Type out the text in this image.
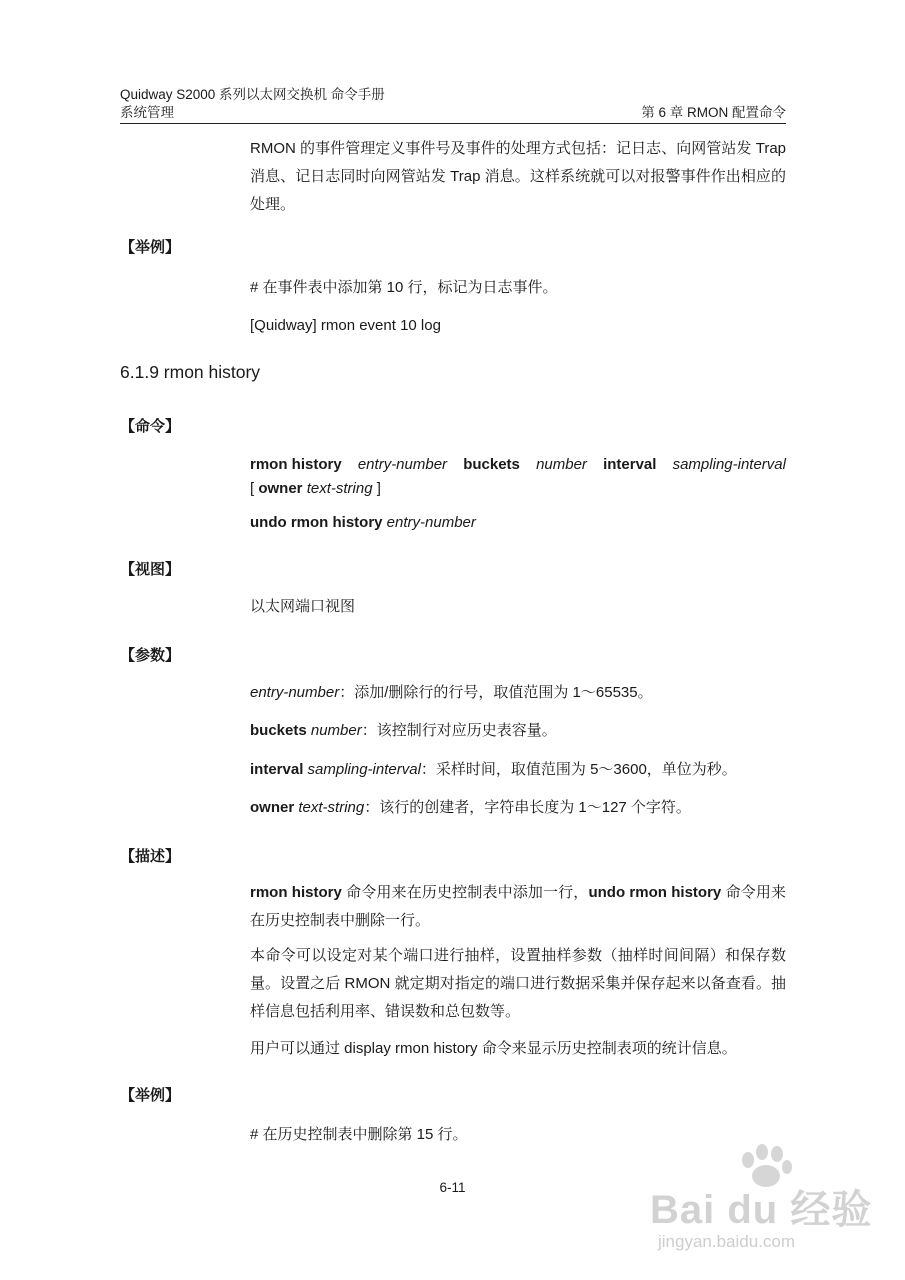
Quidway S2000 系列以太网交换机 命令手册
系统管理	第 6 章 RMON 配置命令
RMON 的事件管理定义事件号及事件的处理方式包括：记日志、向网管站发 Trap 消息、记日志同时向网管站发 Trap 消息。这样系统就可以对报警事件作出相应的处理。
【举例】
# 在事件表中添加第 10 行，标记为日志事件。
[Quidway] rmon event 10 log
6.1.9 rmon history
【命令】
rmon history entry-number buckets number interval sampling-interval
[ owner text-string ]
undo rmon history entry-number
【视图】
以太网端口视图
【参数】
entry-number：添加/删除行的行号，取值范围为 1～65535。
buckets number：该控制行对应历史表容量。
interval sampling-interval：采样时间，取值范围为 5～3600，单位为秒。
owner text-string：该行的创建者，字符串长度为 1～127 个字符。
【描述】
rmon history 命令用来在历史控制表中添加一行，undo rmon history 命令用来在历史控制表中删除一行。
本命令可以设定对某个端口进行抽样，设置抽样参数（抽样时间间隔）和保存数量。设置之后 RMON 就定期对指定的端口进行数据采集并保存起来以备查看。抽样信息包括利用率、错误数和总包数等。
用户可以通过 display rmon history 命令来显示历史控制表项的统计信息。
【举例】
# 在历史控制表中删除第 15 行。
6-11
Bai du 经验
jingyan.baidu.com
